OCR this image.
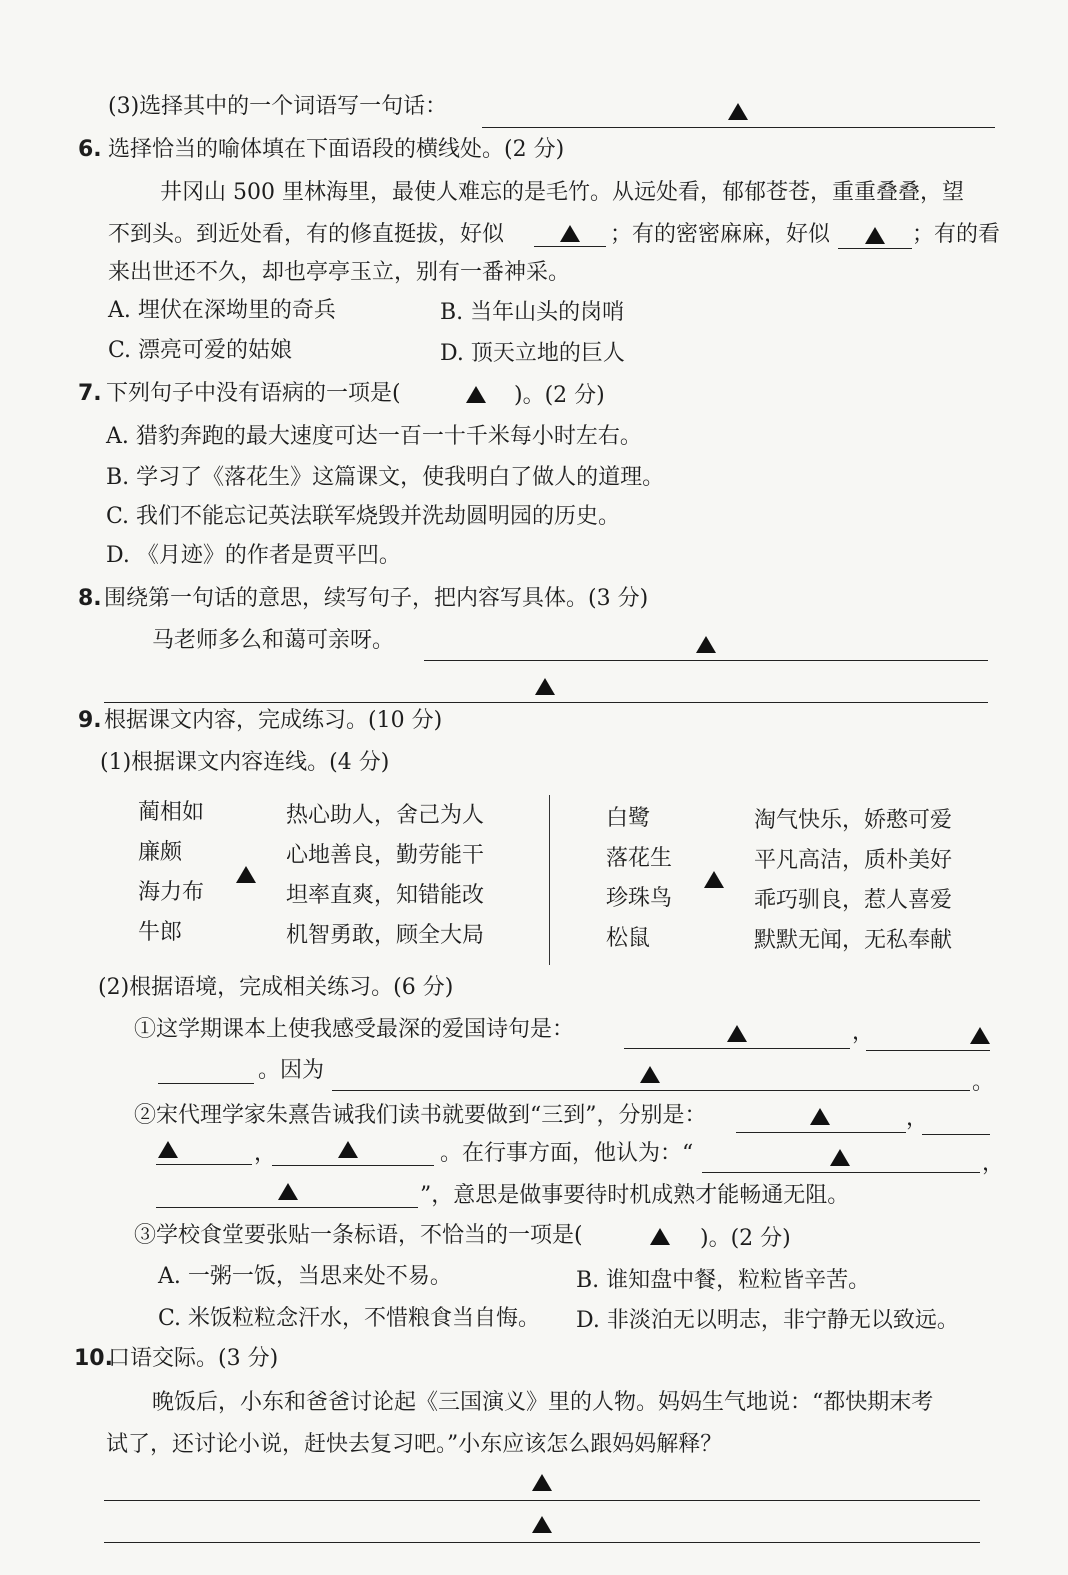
(3)选择其中的一个词语写一句话：
6. 选择恰当的喻体填在下面语段的横线处。(2 分)
井冈山 500 里林海里，最使人难忘的是毛竹。从远处看，郁郁苍苍，重重叠叠，望
不到头。到近处看，有的修直挺拔，好似	；有的密密麻麻，好似	；有的看
来出世还不久，却也亭亭玉立，别有一番神采。
A. 埋伏在深坳里的奇兵	B. 当年山头的岗哨
C. 漂亮可爱的姑娘	D. 顶天立地的巨人
7. 下列句子中没有语病的一项是(	)。(2 分)
A. 猎豹奔跑的最大速度可达一百一十千米每小时左右。
B. 学习了《落花生》这篇课文，使我明白了做人的道理。
C. 我们不能忘记英法联军烧毁并洗劫圆明园的历史。
D. 《月迹》的作者是贾平凹。
8. 围绕第一句话的意思，续写句子，把内容写具体。(3 分)
马老师多么和蔼可亲呀。
9. 根据课文内容，完成练习。(10 分)
(1)根据课文内容连线。(4 分)
蔺相如
廉颇
海力布
牛郎
热心助人，舍己为人
心地善良，勤劳能干
坦率直爽，知错能改
机智勇敢，顾全大局
白鹭
落花生
珍珠鸟
松鼠
淘气快乐，娇憨可爱
平凡高洁，质朴美好
乖巧驯良，惹人喜爱
默默无闻，无私奉献
(2)根据语境，完成相关练习。(6 分)
①这学期课本上使我感受最深的爱国诗句是：	，
。因为	。
②宋代理学家朱熹告诫我们读书就要做到“三到”，分别是：	，
，	。在行事方面，他认为：“	，
”，意思是做事要待时机成熟才能畅通无阻。
③学校食堂要张贴一条标语，不恰当的一项是(	)。(2 分)
A. 一粥一饭，当思来处不易。	B. 谁知盘中餐，粒粒皆辛苦。
C. 米饭粒粒念汗水，不惜粮食当自悔。 D. 非淡泊无以明志，非宁静无以致远。
10.
口语交际。(3 分)
晚饭后，小东和爸爸讨论起《三国演义》里的人物。妈妈生气地说：“都快期末考
试了，还讨论小说，赶快去复习吧。”小东应该怎么跟妈妈解释？
